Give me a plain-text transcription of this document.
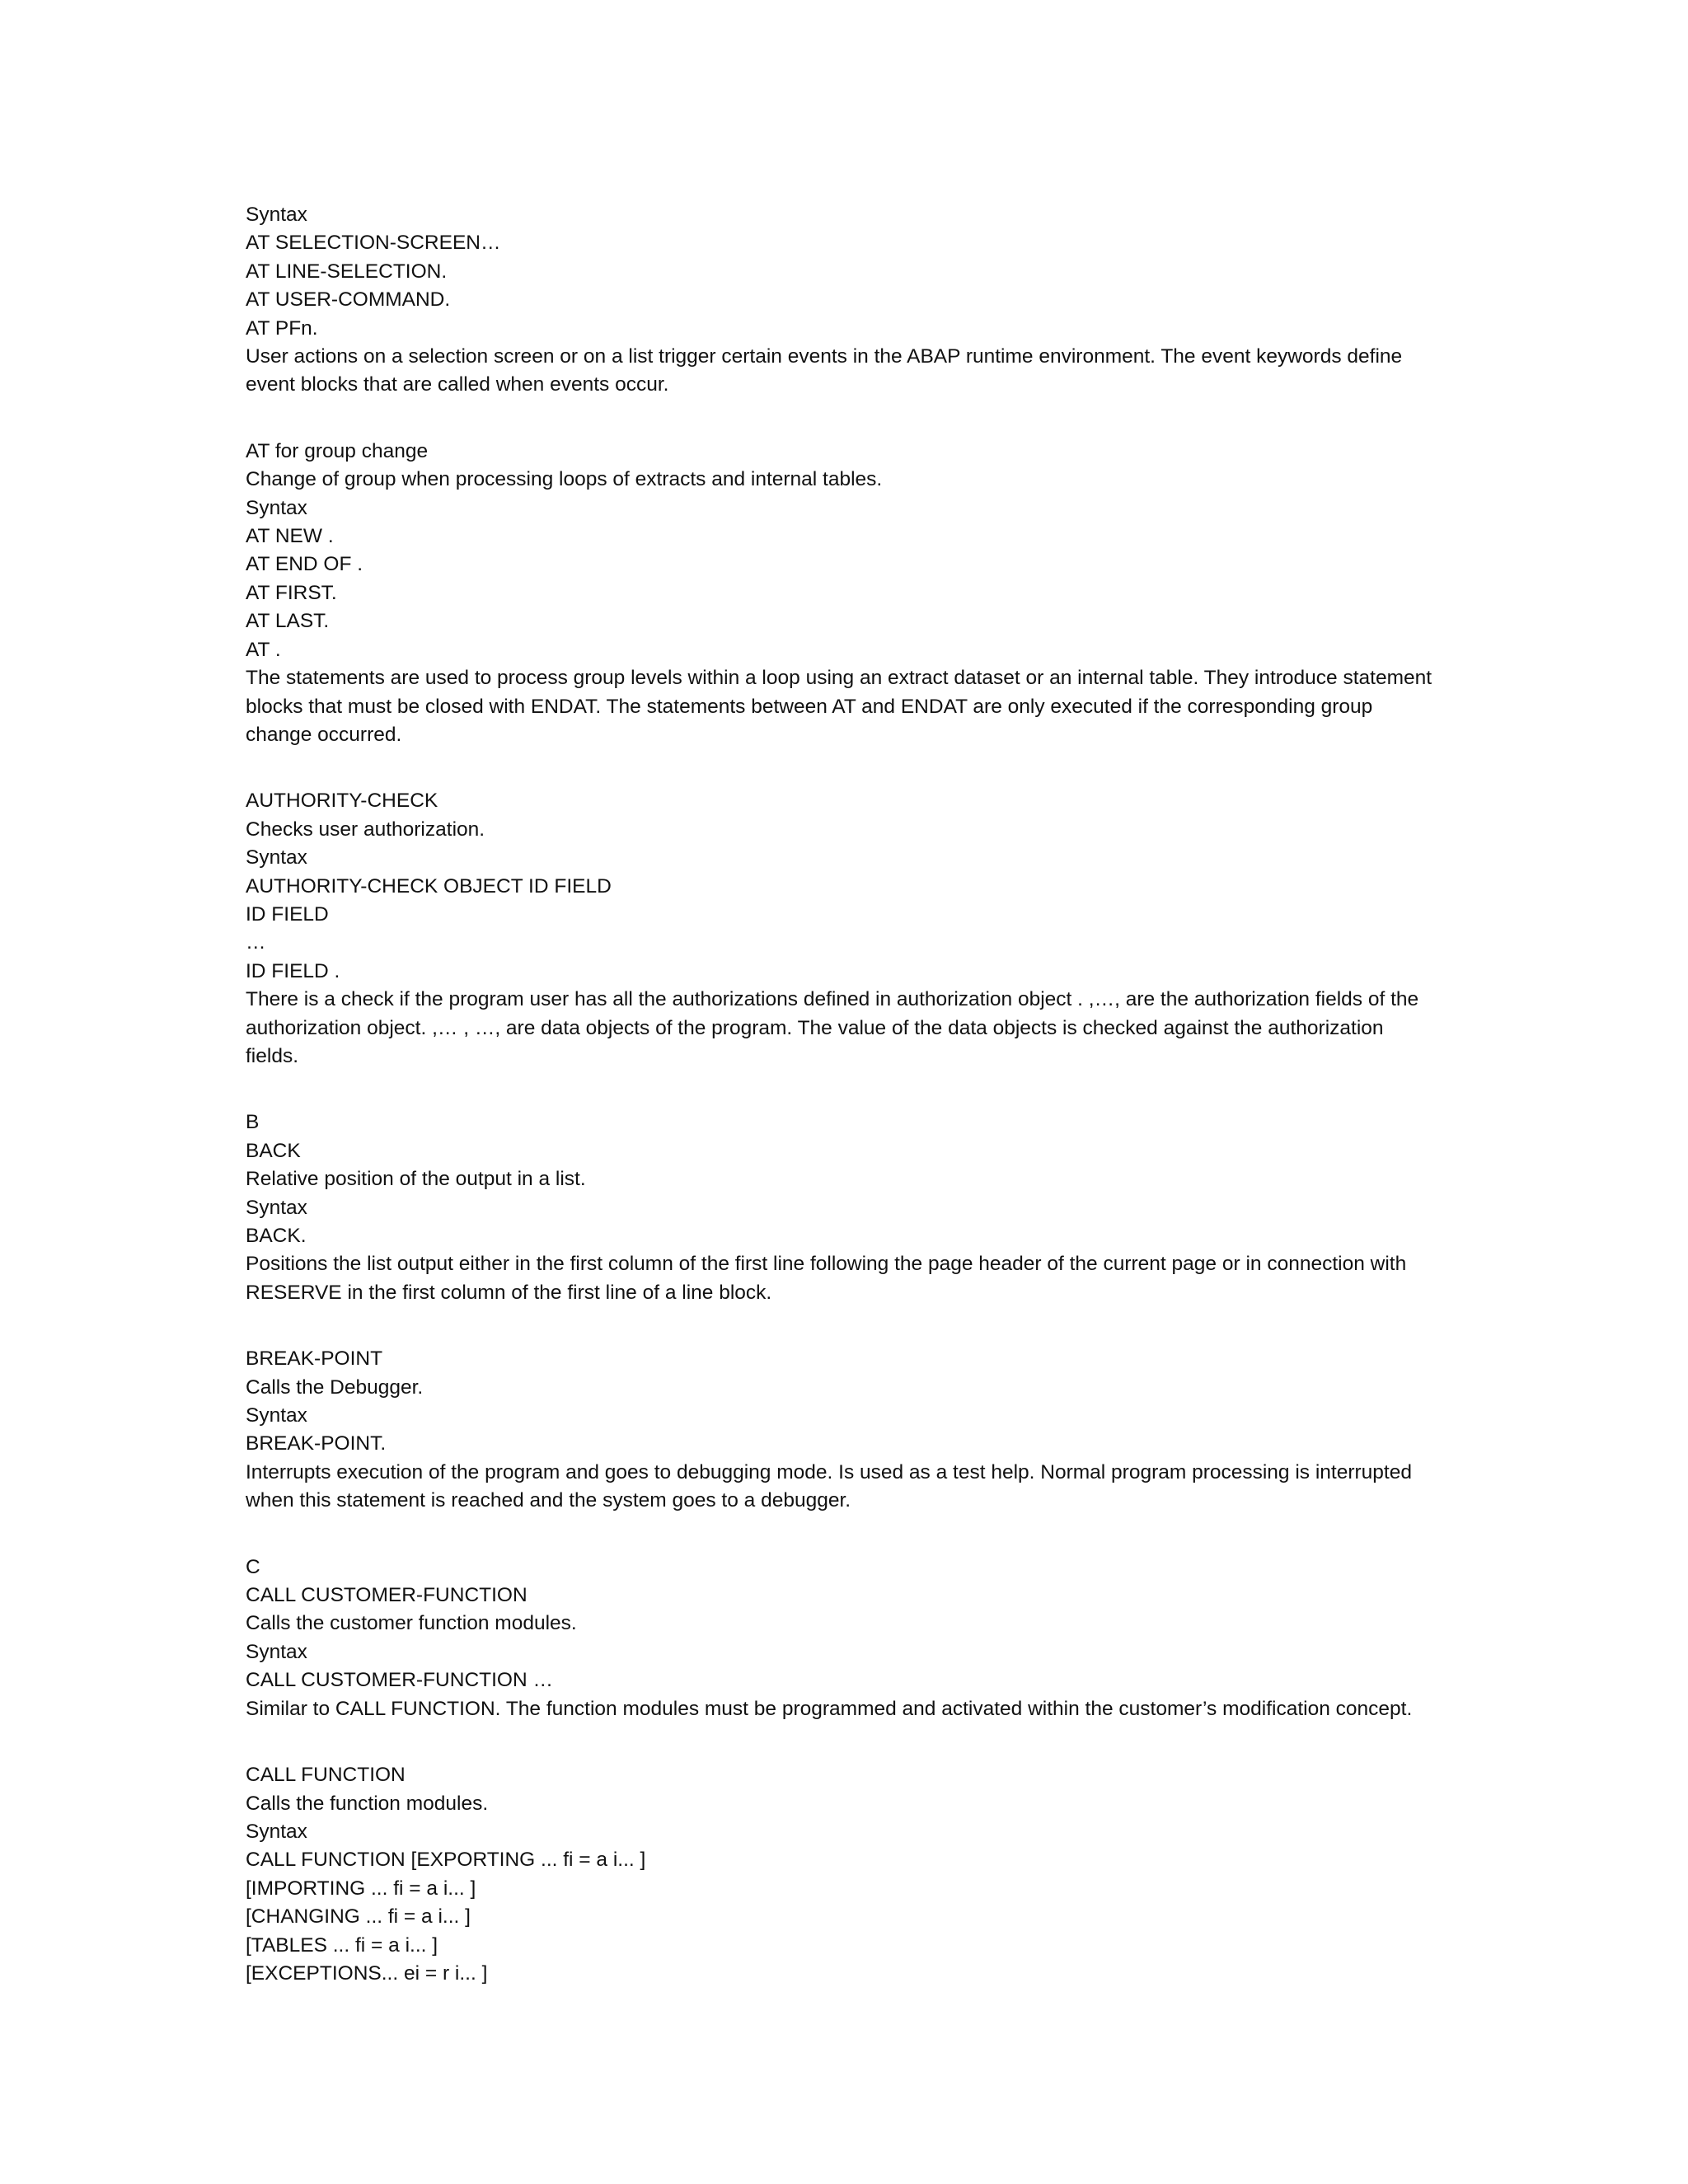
Syntax
AT SELECTION-SCREEN…
AT LINE-SELECTION.
AT USER-COMMAND.
AT PFn.
User actions on a selection screen or on a list trigger certain events in the ABAP runtime environment. The event keywords define event blocks that are called when events occur.
AT for group change
Change of group when processing loops of extracts and internal tables.
Syntax
AT NEW .
AT END OF .
AT FIRST.
AT LAST.
AT .
The statements are used to process group levels within a loop using an extract dataset or an internal table. They introduce statement blocks that must be closed with ENDAT. The statements between AT and ENDAT are only executed if the corresponding group change occurred.
AUTHORITY-CHECK
Checks user authorization.
Syntax
AUTHORITY-CHECK OBJECT ID FIELD
ID FIELD
…
ID FIELD .
There is a check if the program user has all the authorizations defined in authorization object . ,…, are the authorization fields of the authorization object. ,… , …, are data objects of the program. The value of the data objects is checked against the authorization fields.
B
BACK
Relative position of the output in a list.
Syntax
BACK.
Positions the list output either in the first column of the first line following the page header of the current page or in connection with RESERVE in the first column of the first line of a line block.
BREAK-POINT
Calls the Debugger.
Syntax
BREAK-POINT.
Interrupts execution of the program and goes to debugging mode. Is used as a test help. Normal program processing is interrupted when this statement is reached and the system goes to a debugger.
C
CALL CUSTOMER-FUNCTION
Calls the customer function modules.
Syntax
CALL CUSTOMER-FUNCTION …
Similar to CALL FUNCTION. The function modules must be programmed and activated within the customer’s modification concept.
CALL FUNCTION
Calls the function modules.
Syntax
CALL FUNCTION [EXPORTING ... fi = a i... ]
[IMPORTING ... fi = a i... ]
[CHANGING ... fi = a i... ]
[TABLES ... fi = a i... ]
[EXCEPTIONS... ei = r i... ]
